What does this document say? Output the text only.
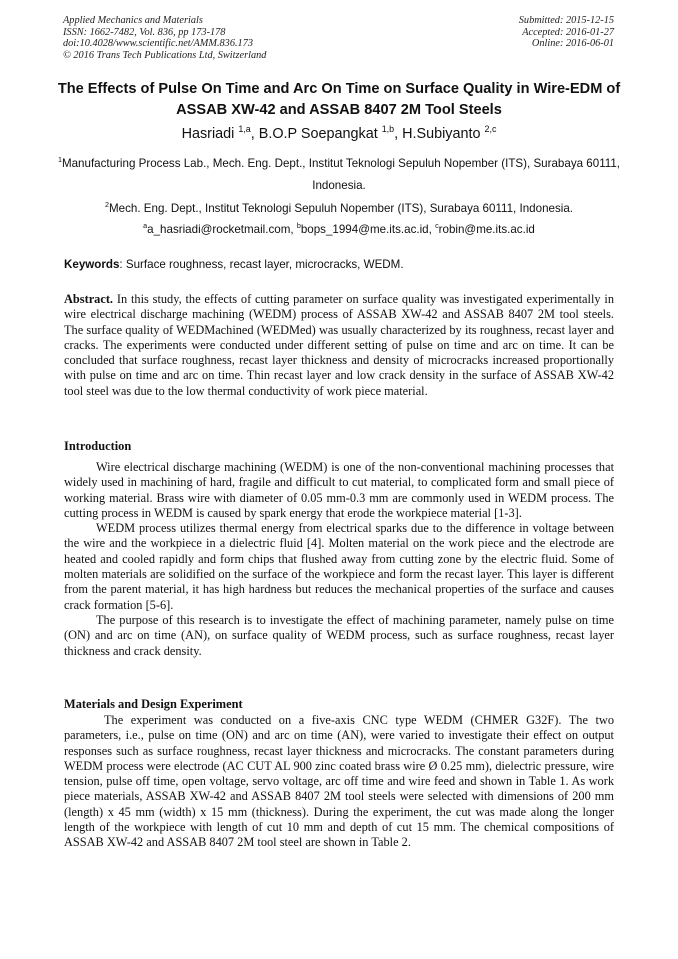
Applied Mechanics and Materials
ISSN: 1662-7482, Vol. 836, pp 173-178
doi:10.4028/www.scientific.net/AMM.836.173
© 2016 Trans Tech Publications Ltd, Switzerland
Submitted: 2015-12-15
Accepted: 2016-01-27
Online: 2016-06-01
The Effects of Pulse On Time and Arc On Time on Surface Quality in Wire-EDM of ASSAB XW-42 and ASSAB 8407 2M Tool Steels
Hasriadi $^{1,a}$, B.O.P Soepangkat $^{1,b}$, H.Subiyanto $^{2,c}$
$^1$Manufacturing Process Lab., Mech. Eng. Dept., Institut Teknologi Sepuluh Nopember (ITS), Surabaya 60111, Indonesia.
$^2$Mech. Eng. Dept., Institut Teknologi Sepuluh Nopember (ITS), Surabaya 60111, Indonesia.
$^a$a_hasriadi@rocketmail.com, $^b$bops_1994@me.its.ac.id, $^c$robin@me.its.ac.id
Keywords: Surface roughness, recast layer, microcracks, WEDM.

Abstract. In this study, the effects of cutting parameter on surface quality was investigated experimentally in wire electrical discharge machining (WEDM) process of ASSAB XW-42 and ASSAB 8407 2M tool steels. The surface quality of WEDMachined (WEDMed) was usually characterized by its roughness, recast layer and cracks. The experiments were conducted under different setting of pulse on time and arc on time. It can be concluded that surface roughness, recast layer thickness and density of microcracks increased proportionally with pulse on time and arc on time. Thin recast layer and low crack density in the surface of ASSAB XW-42 tool steel was due to the low thermal conductivity of work piece material.

Introduction

Wire electrical discharge machining (WEDM) is one of the non-conventional machining processes that widely used in machining of hard, fragile and difficult to cut material, to complicated form and small piece of working material. Brass wire with diameter of 0.05 mm-0.3 mm are commonly used in WEDM process. The cutting process in WEDM is caused by spark energy that erode the workpiece material [1-3].

WEDM process utilizes thermal energy from electrical sparks due to the difference in voltage between the wire and the workpiece in a dielectric fluid [4]. Molten material on the work piece and the electrode are heated and cooled rapidly and form chips that flushed away from cutting zone by the electric fluid. Some of molten materials are solidified on the surface of the workpiece and form the recast layer. This layer is different from the parent material, it has high hardness but reduces the mechanical properties of the surface and causes crack formation [5-6].

The purpose of this research is to investigate the effect of machining parameter, namely pulse on time (ON) and arc on time (AN), on surface quality of WEDM process, such as surface roughness, recast layer thickness and crack density.

Materials and Design Experiment

The experiment was conducted on a five-axis CNC type WEDM (CHMER G32F). The two parameters, i.e., pulse on time (ON) and arc on time (AN), were varied to investigate their effect on output responses such as surface roughness, recast layer thickness and microcracks. The constant parameters during WEDM process were electrode (AC CUT AL 900 zinc coated brass wire Ø 0.25 mm), dielectric pressure, wire tension, pulse off time, open voltage, servo voltage, arc off time and wire feed and shown in Table 1. As work piece materials, ASSAB XW-42 and ASSAB 8407 2M tool steels were selected with dimensions of 200 mm (length) x 45 mm (width) x 15 mm (thickness). During the experiment, the cut was made along the longer length of the workpiece with length of cut 10 mm and depth of cut 15 mm. The chemical compositions of ASSAB XW-42 and ASSAB 8407 2M tool steel are shown in Table 2.
